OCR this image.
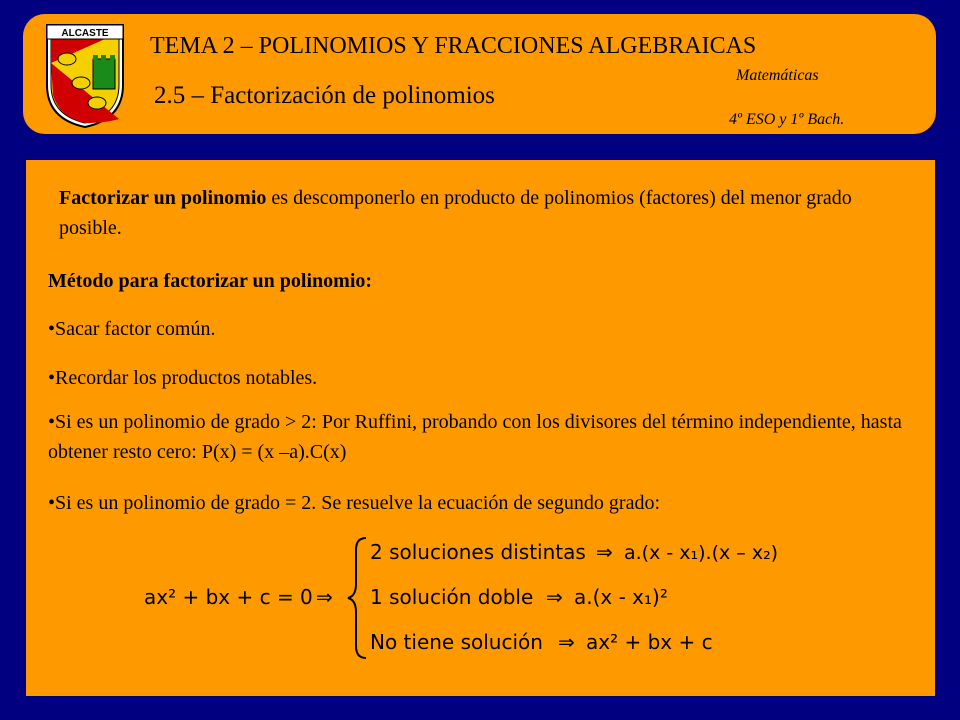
ALCASTE TEMA 2 – POLINOMIOS Y FRACCIONES ALGEBRAICAS
2.5 – Factorización de polinomios
Matemáticas
4º ESO y 1º Bach.
Factorizar un polinomio es descomponerlo en producto de polinomios (factores) del menor grado posible.
Método para factorizar un polinomio:
•Sacar factor común.
•Recordar los productos notables.
•Si es un polinomio de grado > 2: Por Ruffini, probando con los divisores del término independiente, hasta obtener resto cero: P(x) = (x –a).C(x)
•Si es un polinomio de grado = 2. Se resuelve la ecuación de segundo grado:
ax² + bx + c = 0 ⇒
2 soluciones distintas ⇒ a.(x - x₁).(x – x₂)
1 solución doble ⇒ a.(x - x₁)²
No tiene solución ⇒ ax² + bx + c
